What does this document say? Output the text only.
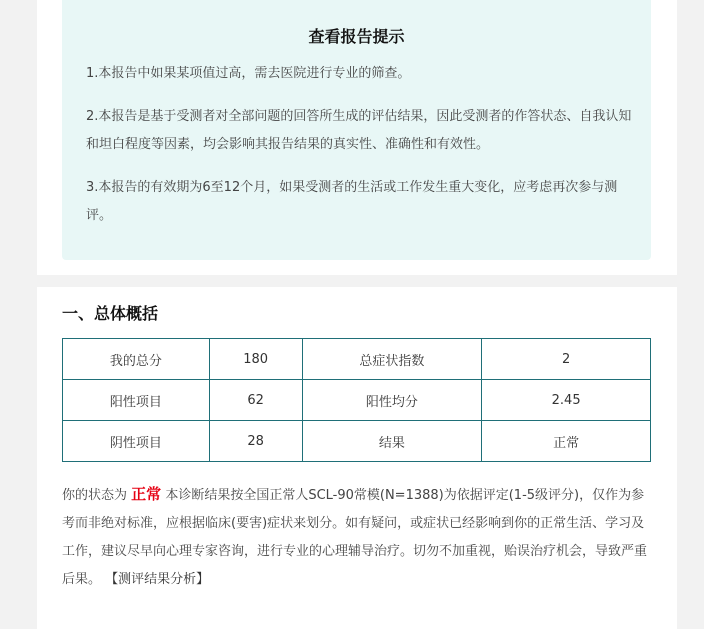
查看报告提示

1.本报告中如果某项值过高，需去医院进行专业的筛查。

2.本报告是基于受测者对全部问题的回答所生成的评估结果，因此受测者的作答状态、自我认知和坦白程度等因素，均会影响其报告结果的真实性、准确性和有效性。

3.本报告的有效期为6至12个月，如果受测者的生活或工作发生重大变化，应考虑再次参与测评。

一、总体概括
我的总分	180	总症状指数	2
阳性项目	62	阳性均分	2.45
阴性项目	28	结果	正常

你的状态为 正常 本诊断结果按全国正常人SCL-90常模(N=1388)为依据评定(1-5级评分)，仅作为参考而非绝对标准，应根据临床(要害)症状来划分。如有疑问，或症状已经影响到你的正常生活、学习及工作，建议尽早向心理专家咨询，进行专业的心理辅导治疗。切勿不加重视，贻误治疗机会，导致严重后果。 【测评结果分析】
